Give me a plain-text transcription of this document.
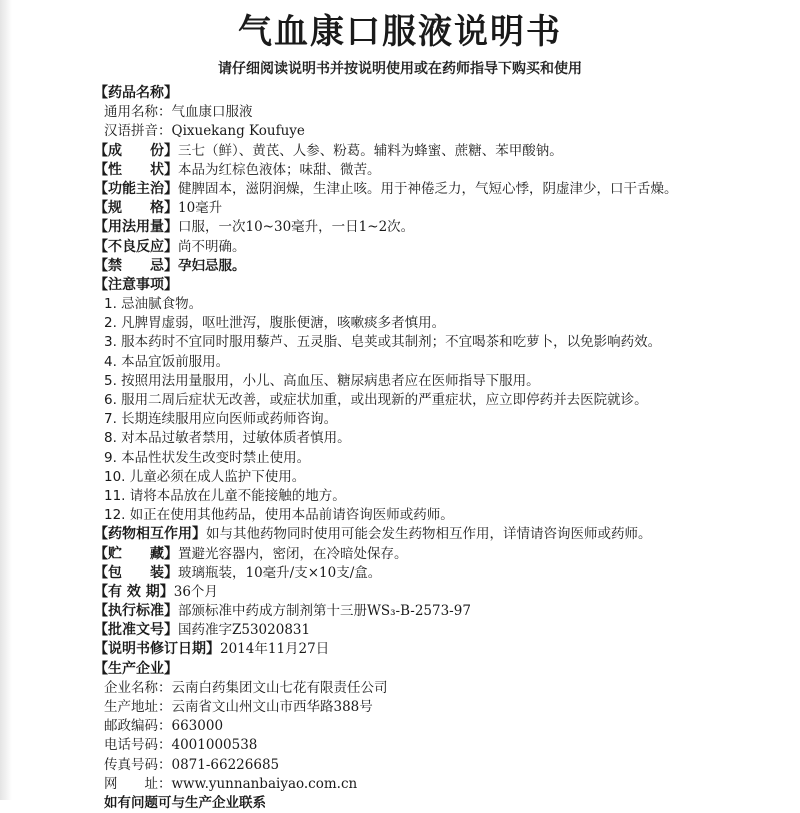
气血康口服液说明书
请仔细阅读说明书并按说明使用或在药师指导下购买和使用
【药品名称】
通用名称：气血康口服液
汉语拼音：Qixuekang Koufuye
【成　　份】三七（鲜）、黄芪、人参、粉葛。辅料为蜂蜜、蔗糖、苯甲酸钠。
【性　　状】本品为红棕色液体；味甜、微苦。
【功能主治】健脾固本，滋阴润燥，生津止咳。用于神倦乏力，气短心悸，阴虚津少，口干舌燥。
【规　　格】10毫升
【用法用量】口服，一次10~30毫升，一日1~2次。
【不良反应】尚不明确。
【禁　　忌】孕妇忌服。
【注意事项】
1. 忌油腻食物。
2. 凡脾胃虚弱，呕吐泄泻，腹胀便溏，咳嗽痰多者慎用。
3. 服本药时不宜同时服用藜芦、五灵脂、皂荚或其制剂；不宜喝茶和吃萝卜，以免影响药效。
4. 本品宜饭前服用。
5. 按照用法用量服用，小儿、高血压、糖尿病患者应在医师指导下服用。
6. 服用二周后症状无改善，或症状加重，或出现新的严重症状，应立即停药并去医院就诊。
7. 长期连续服用应向医师或药师咨询。
8. 对本品过敏者禁用，过敏体质者慎用。
9. 本品性状发生改变时禁止使用。
10. 儿童必须在成人监护下使用。
11. 请将本品放在儿童不能接触的地方。
12. 如正在使用其他药品，使用本品前请咨询医师或药师。
【药物相互作用】如与其他药物同时使用可能会发生药物相互作用，详情请咨询医师或药师。
【贮　　藏】置避光容器内，密闭，在冷暗处保存。
【包　　装】玻璃瓶装，10毫升/支×10支/盒。
【有 效 期】36个月
【执行标准】部颁标准中药成方制剂第十三册WS₃-B-2573-97
【批准文号】国药准字Z53020831
【说明书修订日期】2014年11月27日
【生产企业】
企业名称：云南白药集团文山七花有限责任公司
生产地址：云南省文山州文山市西华路388号
邮政编码：663000
电话号码：4001000538
传真号码：0871-66226685
网　　址：www.yunnanbaiyao.com.cn
如有问题可与生产企业联系
